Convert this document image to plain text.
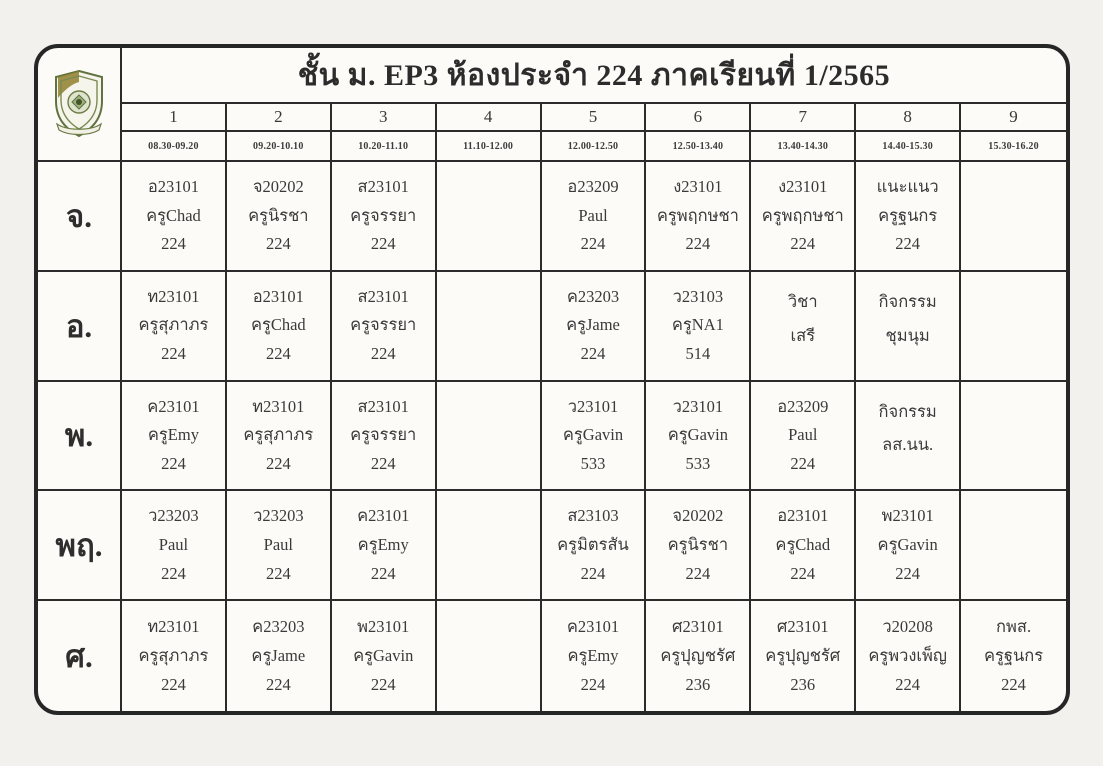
ชั้น ม. EP3 ห้องประจำ 224 ภาคเรียนที่ 1/2565
1
08.30-09.20
2
09.20-10.10
3
10.20-11.10
4
11.10-12.00
5
12.00-12.50
6
12.50-13.40
7
13.40-14.30
8
14.40-15.30
9
15.30-16.20
จ.
อ23101
ครูChad
224
จ20202
ครูนิรชา
224
ส23101
ครูจรรยา
224
อ23209
Paul
224
ง23101
ครูพฤกษชา
224
ง23101
ครูพฤกษชา
224
แนะแนว
ครูฐนกร
224
อ.
ท23101
ครูสุภาภร
224
อ23101
ครูChad
224
ส23101
ครูจรรยา
224
ค23203
ครูJame
224
ว23103
ครูNA1
514
วิชา
เสรี
กิจกรรม
ชุมนุม
พ.
ค23101
ครูEmy
224
ท23101
ครูสุภาภร
224
ส23101
ครูจรรยา
224
ว23101
ครูGavin
533
ว23101
ครูGavin
533
อ23209
Paul
224
กิจกรรม
ลส.นน.
พฤ.
ว23203
Paul
224
ว23203
Paul
224
ค23101
ครูEmy
224
ส23103
ครูมิตรสัน
224
จ20202
ครูนิรชา
224
อ23101
ครูChad
224
พ23101
ครูGavin
224
ศ.
ท23101
ครูสุภาภร
224
ค23203
ครูJame
224
พ23101
ครูGavin
224
ค23101
ครูEmy
224
ศ23101
ครูปุญชรัศ
236
ศ23101
ครูปุญชรัศ
236
ว20208
ครูพวงเพ็ญ
224
กพส.
ครูฐนกร
224
